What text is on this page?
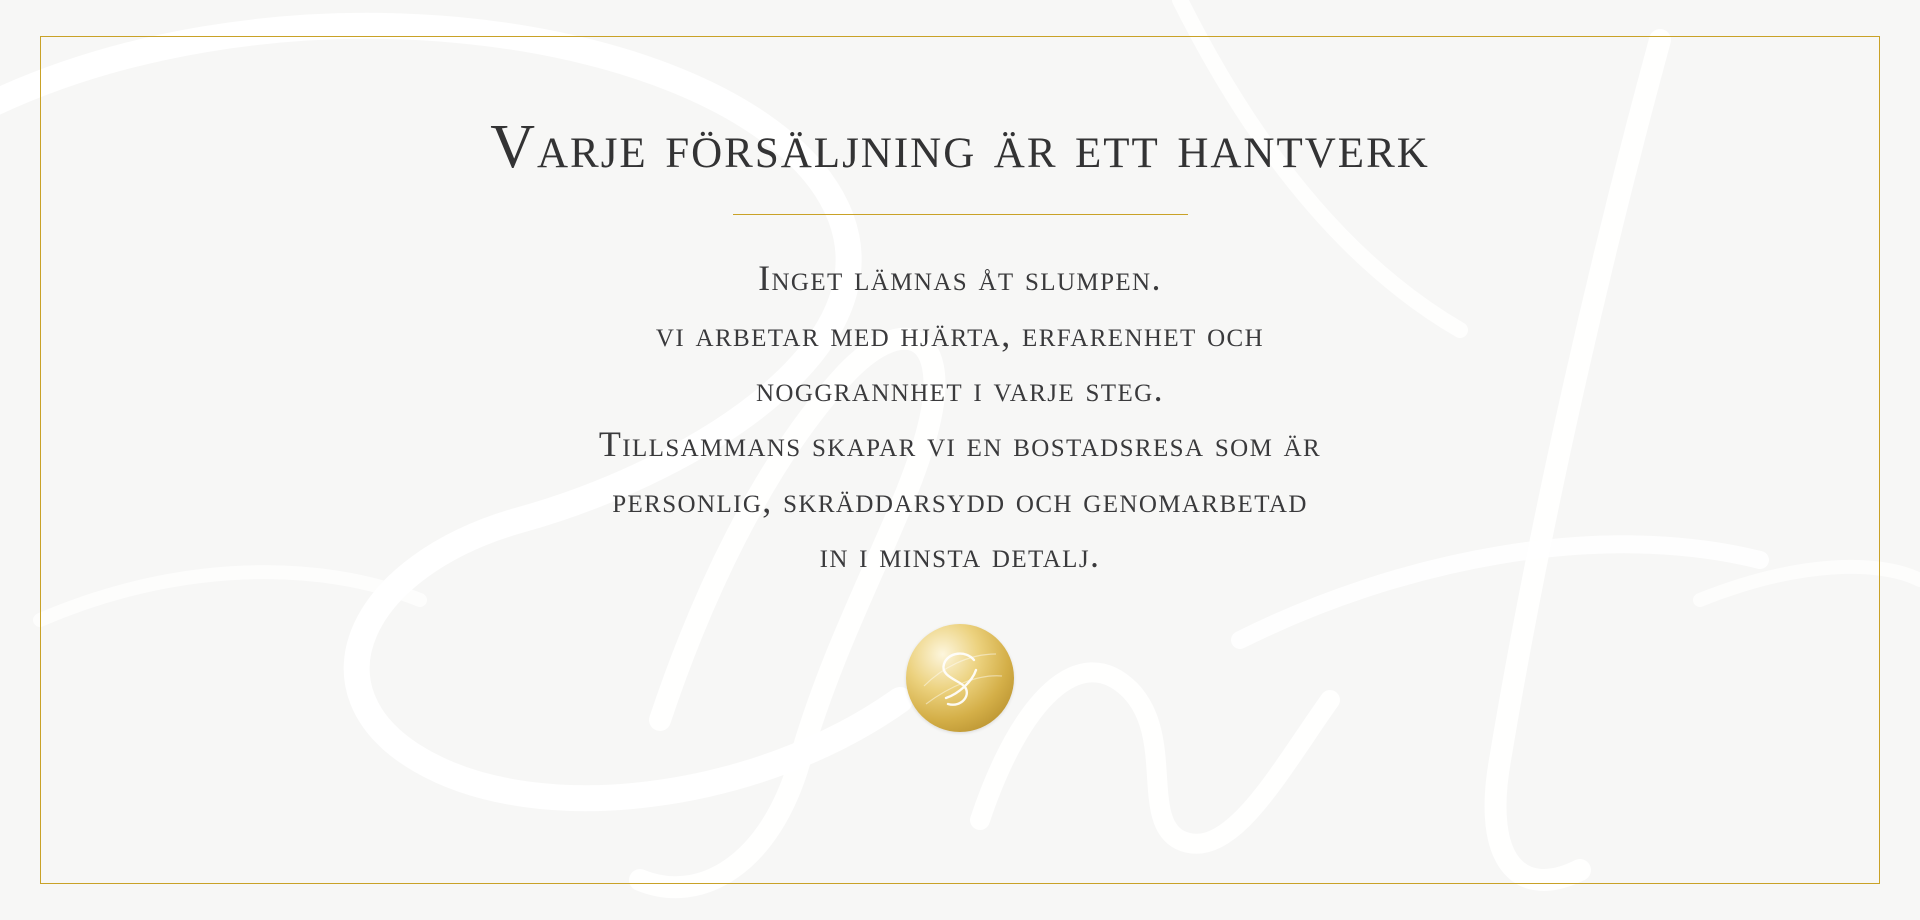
Varje försäljning är ett hantverk
Inget lämnas åt slumpen.
vi arbetar med hjärta, erfarenhet och
noggrannhet i varje steg.
Tillsammans skapar vi en bostadsresa som är
personlig, skräddarsydd och genomarbetad
in i minsta detalj.
